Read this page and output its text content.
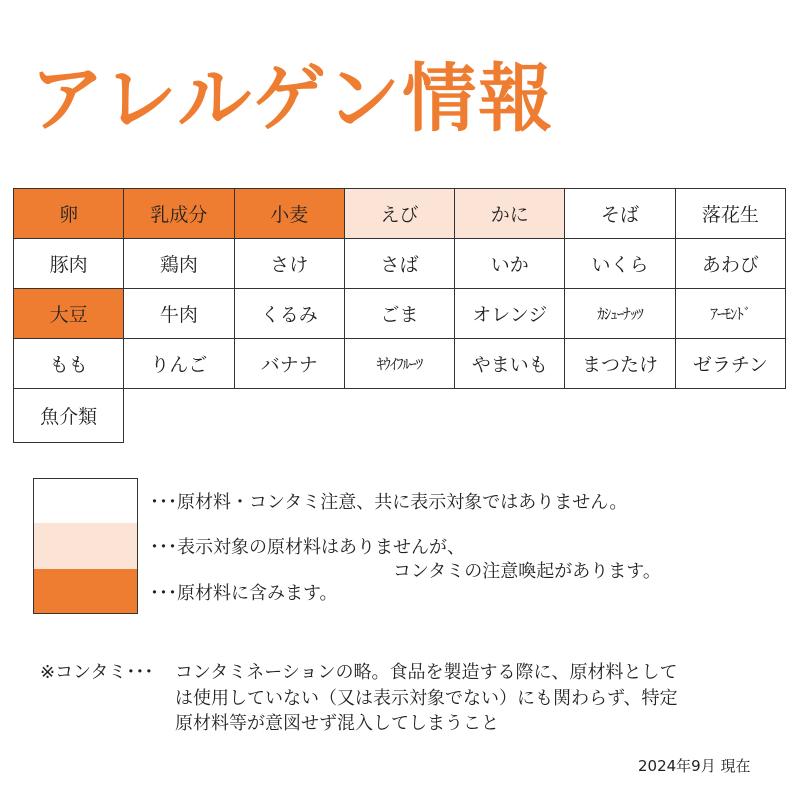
アレルゲン情報
卵	乳成分	小麦	えび	かに	そば	落花生
豚肉	鶏肉	さけ	さば	いか	いくら	あわび
大豆	牛肉	くるみ	ごま	オレンジ	ｶｼｭｰﾅｯﾂ	ｱｰﾓﾝﾄﾞ
もも	りんご	バナナ	ｷｳｲﾌﾙｰﾂ	やまいも	まつたけ	ゼラチン
魚介類						
･･･原材料・コンタミ注意、共に表示対象ではありません。
･･･表示対象の原材料はありませんが、
コンタミの注意喚起があります。
･･･原材料に含みます。
※コンタミ･･･ コンタミネーションの略。食品を製造する際に、原材料として
は使用していない（又は表示対象でない）にも関わらず、特定
原材料等が意図せず混入してしまうこと
2024年9月 現在
